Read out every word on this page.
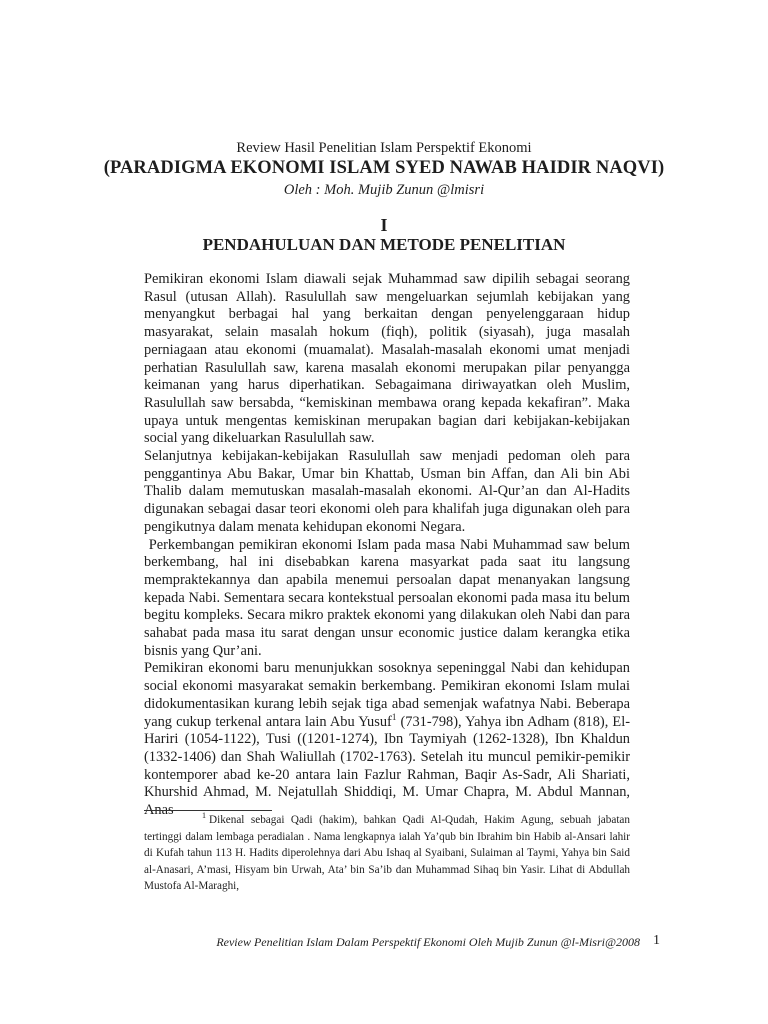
Review Hasil Penelitian Islam Perspektif Ekonomi
(PARADIGMA EKONOMI ISLAM SYED NAWAB HAIDIR NAQVI)
Oleh : Moh. Mujib Zunun @lmisri
I
PENDAHULUAN DAN METODE PENELITIAN

Pemikiran ekonomi Islam diawali sejak Muhammad saw dipilih sebagai seorang Rasul (utusan Allah). Rasulullah saw mengeluarkan sejumlah kebijakan yang menyangkut berbagai hal yang berkaitan dengan penyelenggaraan hidup masyarakat, selain masalah hokum (fiqh), politik (siyasah), juga masalah perniagaan atau ekonomi (muamalat). Masalah-masalah ekonomi umat menjadi perhatian Rasulullah saw, karena masalah ekonomi merupakan pilar penyangga keimanan yang harus diperhatikan. Sebagaimana diriwayatkan oleh Muslim, Rasulullah saw bersabda, “kemiskinan membawa orang kepada kekafiran”. Maka upaya untuk mengentas kemiskinan merupakan bagian dari kebijakan-kebijakan social yang dikeluarkan Rasulullah saw.

Selanjutnya kebijakan-kebijakan Rasulullah saw menjadi pedoman oleh para penggantinya Abu Bakar, Umar bin Khattab, Usman bin Affan, dan Ali bin Abi Thalib dalam memutuskan masalah-masalah ekonomi. Al-Qur’an dan Al-Hadits digunakan sebagai dasar teori ekonomi oleh para khalifah juga digunakan oleh para pengikutnya dalam menata kehidupan ekonomi Negara.

Perkembangan pemikiran ekonomi Islam pada masa Nabi Muhammad saw belum berkembang, hal ini disebabkan karena masyarkat pada saat itu langsung mempraktekannya dan apabila menemui persoalan dapat menanyakan langsung kepada Nabi. Sementara secara kontekstual persoalan ekonomi pada masa itu belum begitu kompleks. Secara mikro praktek ekonomi yang dilakukan oleh Nabi dan para sahabat pada masa itu sarat dengan unsur economic justice dalam kerangka etika bisnis yang Qur’ani.

Pemikiran ekonomi baru menunjukkan sosoknya sepeninggal Nabi dan kehidupan social ekonomi masyarakat semakin berkembang. Pemikiran ekonomi Islam mulai didokumentasikan kurang lebih sejak tiga abad semenjak wafatnya Nabi. Beberapa yang cukup terkenal antara lain Abu Yusuf$^1$ (731-798), Yahya ibn Adham (818), El-Hariri (1054-1122), Tusi ((1201-1274), Ibn Taymiyah (1262-1328), Ibn Khaldun (1332-1406) dan Shah Waliullah (1702-1763). Setelah itu muncul pemikir-pemikir kontemporer abad ke-20 antara lain Fazlur Rahman, Baqir As-Sadr, Ali Shariati, Khurshid Ahmad, M. Nejatullah Shiddiqi, M. Umar Chapra, M. Abdul Mannan, Anas	$^1$ Dikenal sebagai Qadi (hakim), bahkan Qadi Al-Qudah, Hakim Agung, sebuah jabatan tertinggi dalam lembaga peradialan . Nama lengkapnya ialah Ya’qub bin Ibrahim bin Habib al-Ansari lahir di Kufah tahun 113 H. Hadits diperolehnya dari Abu Ishaq al Syaibani, Sulaiman al Taymi, Yahya bin Said al-Anasari, A’masi, Hisyam bin Urwah, Ata’ bin Sa’ib dan Muhammad Sihaq bin Yasir. Lihat di Abdullah Mustofa Al-Maraghi,
Review Penelitian Islam Dalam Perspektif Ekonomi Oleh Mujib Zunun @l-Misri@2008 1
